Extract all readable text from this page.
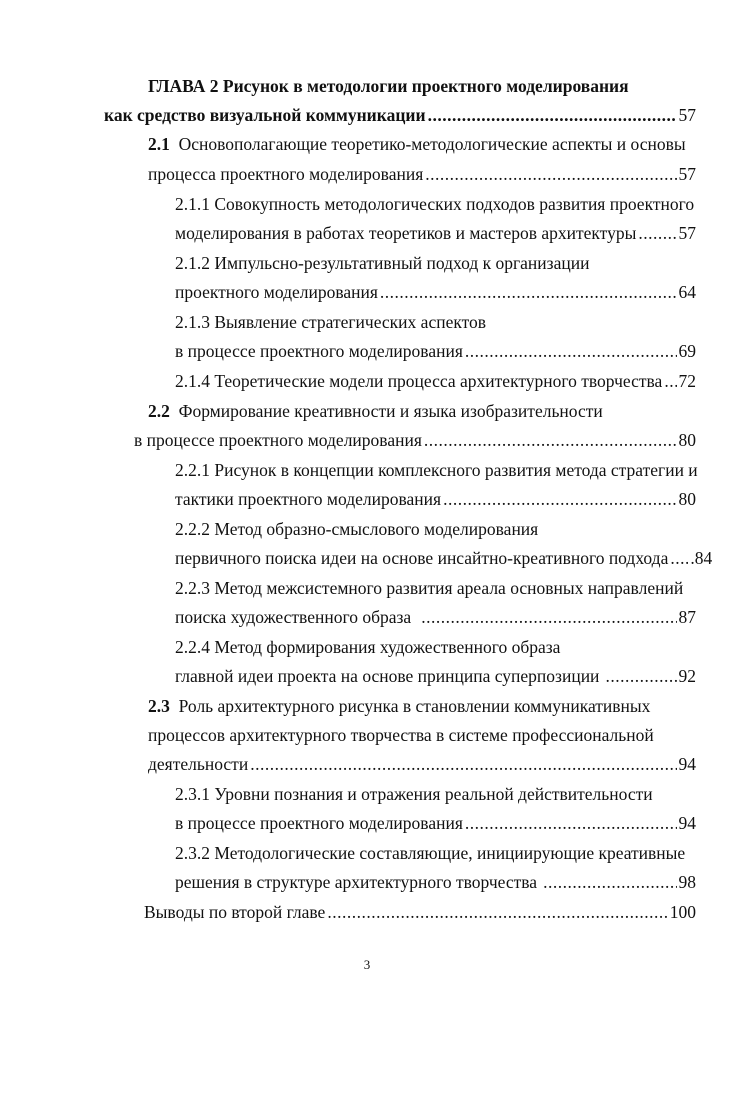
ГЛАВА 2 Рисунок в методологии проектного моделирования
как средство визуальной коммуникации .....	57
2.1 Основополагающие теоретико-методологические аспекты и основы
процесса проектного моделирования .....	57
2.1.1 Совокупность методологических подходов развития проектного
моделирования в работах теоретиков и мастеров архитектуры ..... 57
2.1.2 Импульсно-результативный подход к организации
проектного моделирования .....	64
2.1.3 Выявление стратегических аспектов
в процессе проектного моделирования .....	69
2.1.4 Теоретические модели процесса архитектурного творчества .... 72
2.2 Формирование креативности и языка изобразительности
в процессе проектного моделирования .....	80
2.2.1 Рисунок в концепции комплексного развития метода стратегии и
тактики проектного моделирования .....	80
2.2.2 Метод образно-смыслового моделирования
первичного поиска идеи на основе инсайтно-креативного подхода .... .84
2.2.3 Метод межсистемного развития ареала основных направлений
поиска художественного образа .....	87
2.2.4 Метод формирования художественного образа
главной идеи проекта на основе принципа суперпозиции .....	92
2.3 Роль архитектурного рисунка в становлении коммуникативных
процессов архитектурного творчества в системе профессиональной
деятельности .....	94
2.3.1 Уровни познания и отражения реальной действительности
в процессе проектного моделирования .....	94
2.3.2 Методологические составляющие, инициирующие креативные
решения в структуре архитектурного творчества .....	98
Выводы по второй главе .....	100
3
